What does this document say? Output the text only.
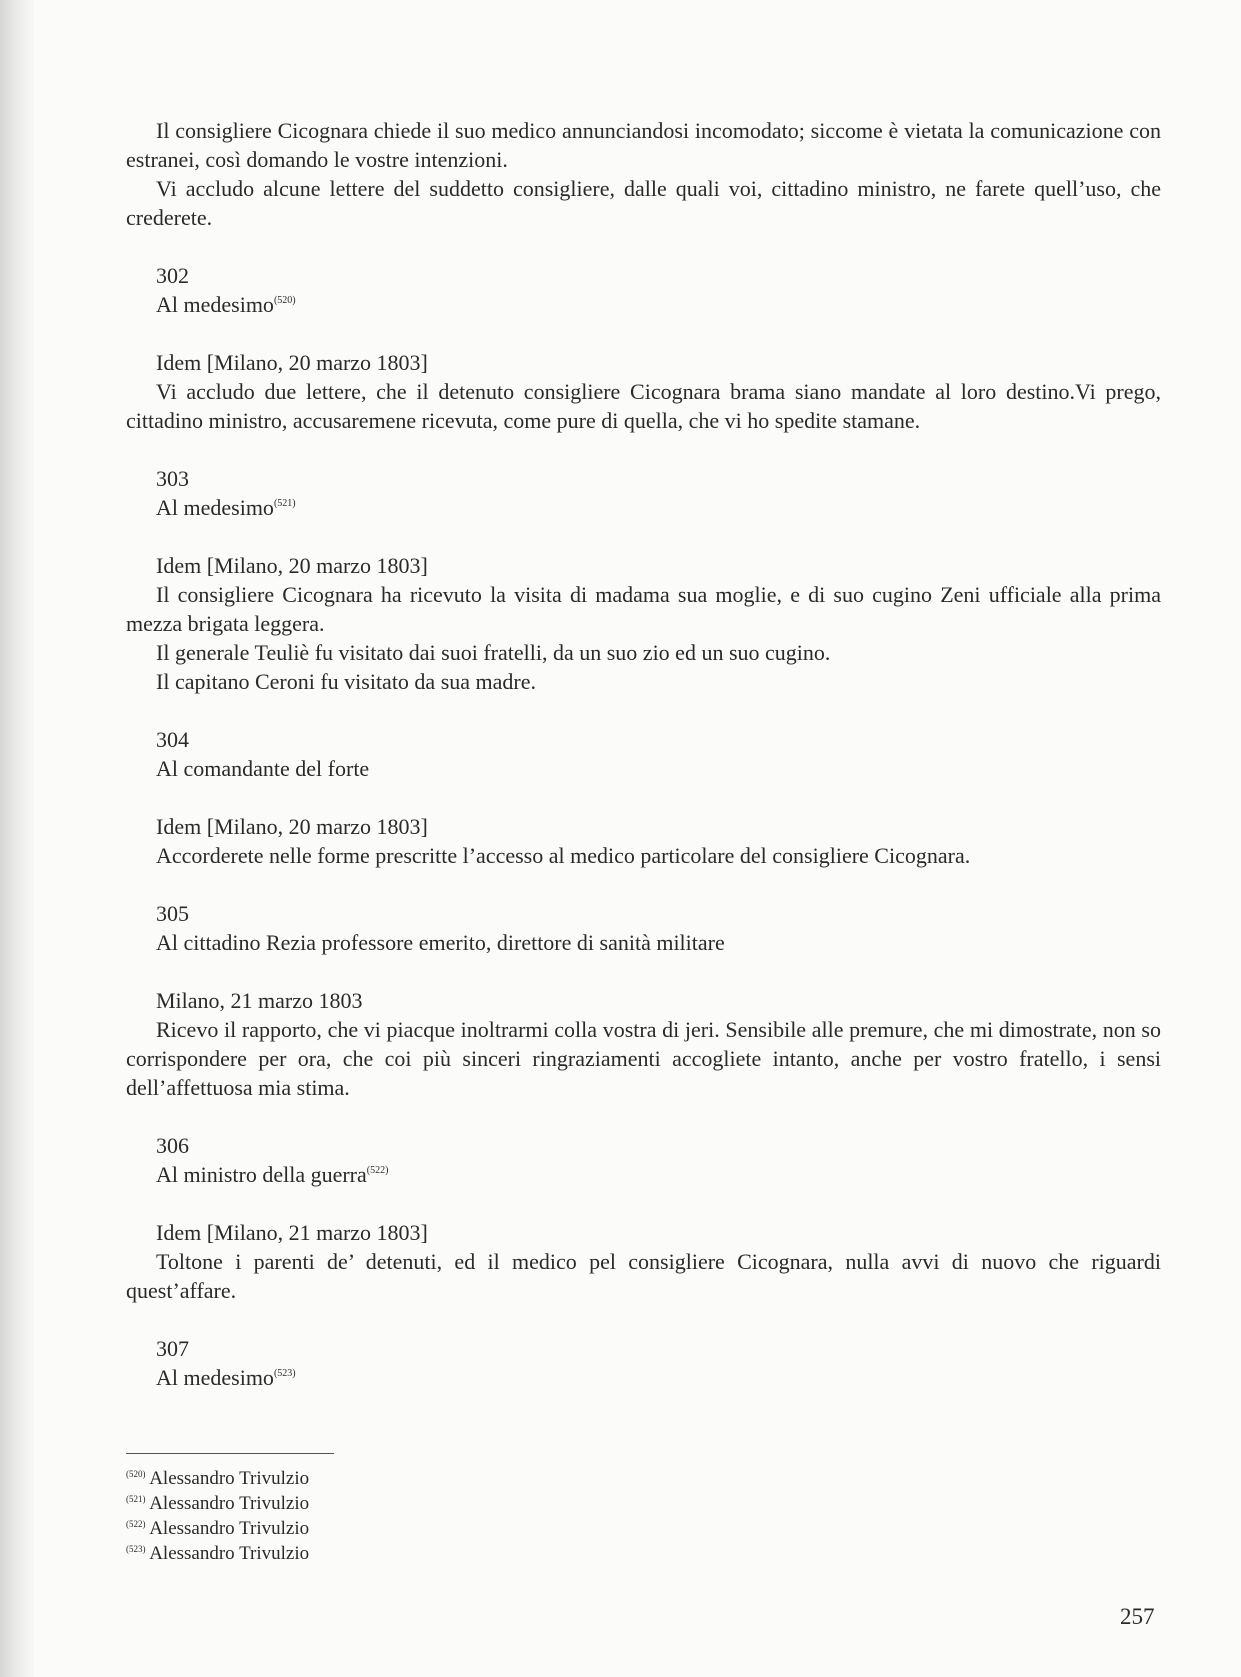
Il consigliere Cicognara chiede il suo medico annunciandosi incomodato; siccome è vietata la comunicazione con estranei, così domando le vostre intenzioni.

Vi accludo alcune lettere del suddetto consigliere, dalle quali voi, cittadino ministro, ne farete quell’uso, che crederete.

302
Al medesimo$^{(520)}$
Idem [Milano, 20 marzo 1803]

Vi accludo due lettere, che il detenuto consigliere Cicognara brama siano mandate al loro destino.Vi prego, cittadino ministro, accusaremene ricevuta, come pure di quella, che vi ho spedite stamane.

303
Al medesimo$^{(521)}$
Idem [Milano, 20 marzo 1803]

Il consigliere Cicognara ha ricevuto la visita di madama sua moglie, e di suo cugino Zeni ufficiale alla prima mezza brigata leggera.

Il generale Teuliè fu visitato dai suoi fratelli, da un suo zio ed un suo cugino.

Il capitano Ceroni fu visitato da sua madre.

304
Al comandante del forte
Idem [Milano, 20 marzo 1803]

Accorderete nelle forme prescritte l’accesso al medico particolare del consigliere Cicognara.

305
Al cittadino Rezia professore emerito, direttore di sanità militare
Milano, 21 marzo 1803

Ricevo il rapporto, che vi piacque inoltrarmi colla vostra di jeri. Sensibile alle premure, che mi dimostrate, non so corrispondere per ora, che coi più sinceri ringraziamenti accogliete intanto, anche per vostro fratello, i sensi dell’affettuosa mia stima.

306
Al ministro della guerra$^{(522)}$
Idem [Milano, 21 marzo 1803]

Toltone i parenti de’ detenuti, ed il medico pel consigliere Cicognara, nulla avvi di nuovo che riguardi quest’affare.

307
Al medesimo$^{(523)}$
$^{(520)}$ Alessandro Trivulzio
$^{(521)}$ Alessandro Trivulzio
$^{(522)}$ Alessandro Trivulzio
$^{(523)}$ Alessandro Trivulzio
257
